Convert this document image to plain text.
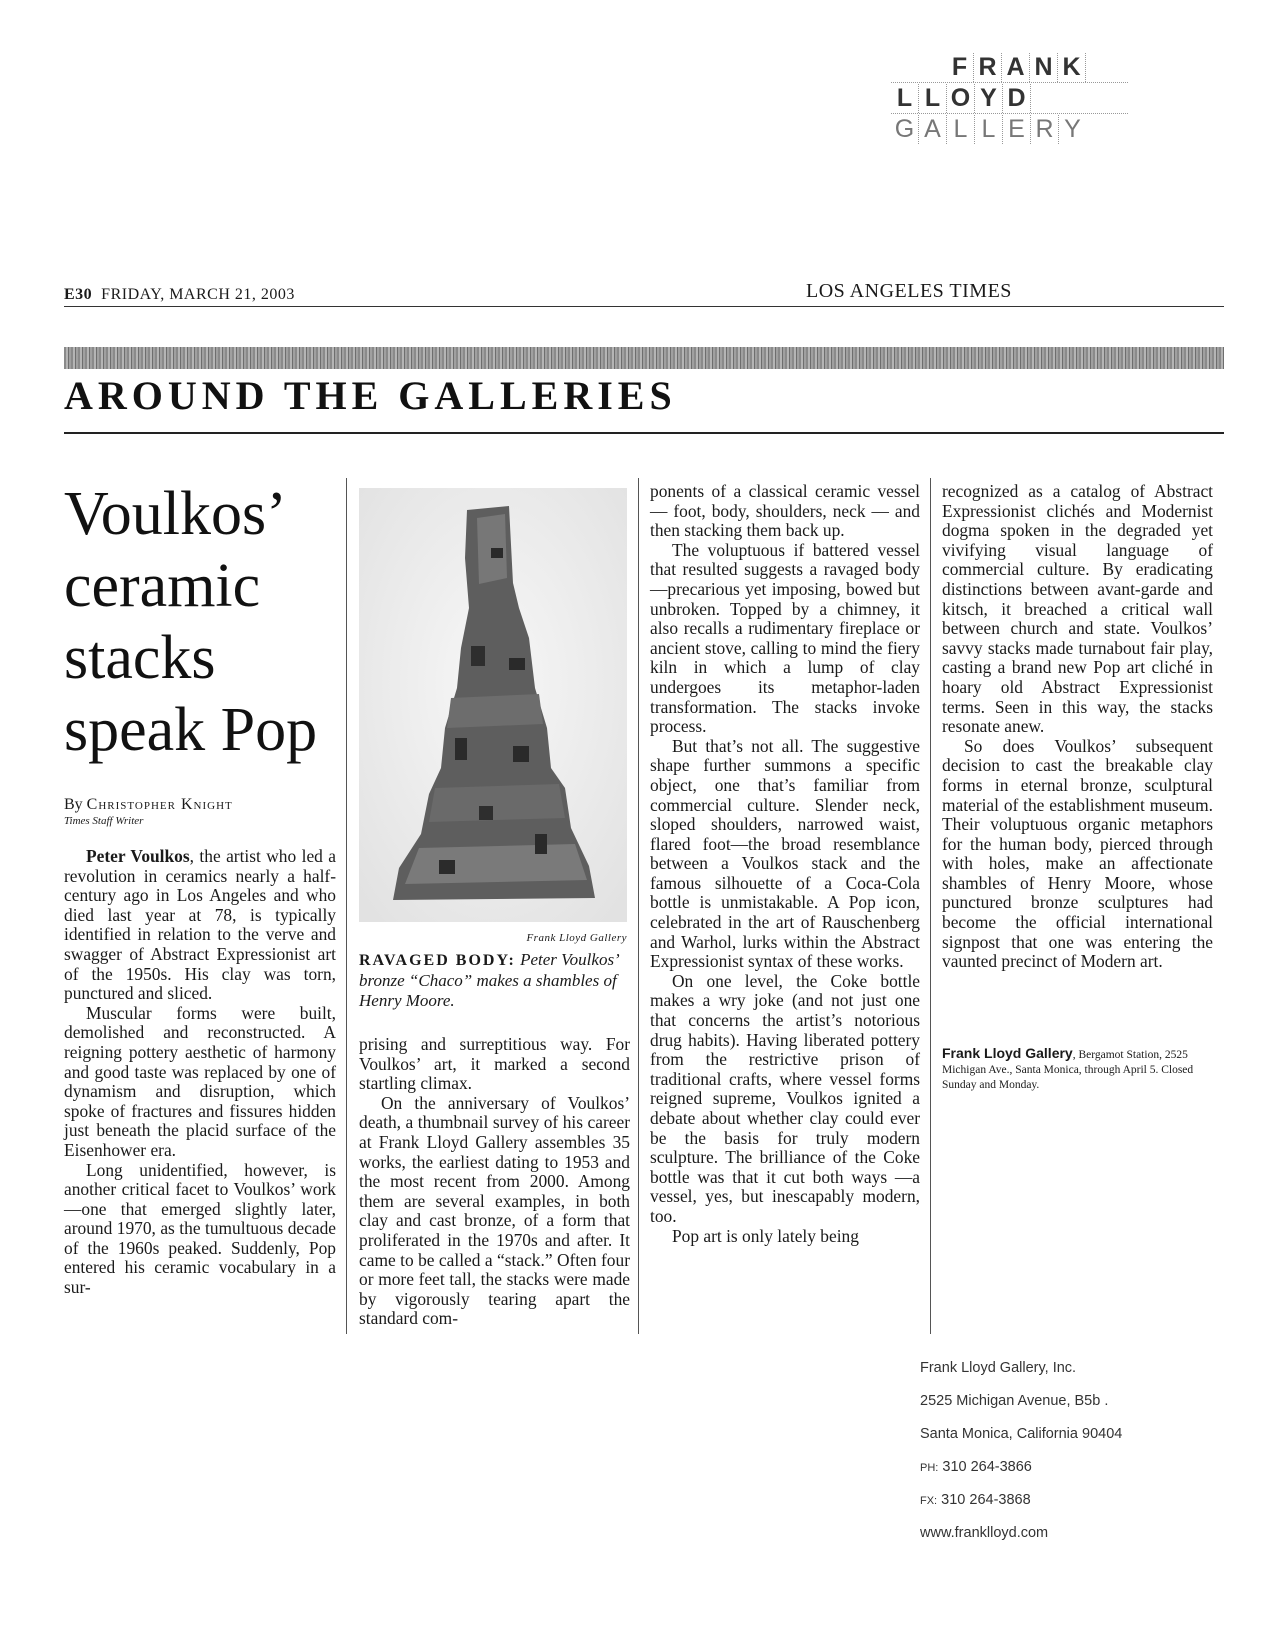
F R A N K
L L O Y D
G A L L E R Y
E30 FRIDAY, MARCH 21, 2003	LOS ANGELES TIMES
AROUND THE GALLERIES
Voulkos’ ceramic stacks speak Pop
By Christopher Knight
Times Staff Writer

Peter Voulkos, the artist who led a revolution in ceramics nearly a half-century ago in Los Angeles and who died last year at 78, is typically identified in relation to the verve and swagger of Abstract Expressionist art of the 1950s. His clay was torn, punctured and sliced.

Muscular forms were built, demolished and reconstructed. A reigning pottery aesthetic of harmony and good taste was replaced by one of dynamism and disruption, which spoke of fractures and fissures hidden just beneath the placid surface of the Eisenhower era.

Long unidentified, however, is another critical facet to Voulkos’ work—one that emerged slightly later, around 1970, as the tumultuous decade of the 1960s peaked. Suddenly, Pop entered his ceramic vocabulary in a sur-

Frank Lloyd Gallery
RAVAGED BODY: Peter Voulkos’ bronze “Chaco” makes a shambles of Henry Moore.

prising and surreptitious way. For Voulkos’ art, it marked a second startling climax.

On the anniversary of Voulkos’ death, a thumbnail survey of his career at Frank Lloyd Gallery assembles 35 works, the earliest dating to 1953 and the most recent from 2000. Among them are several examples, in both clay and cast bronze, of a form that proliferated in the 1970s and after. It came to be called a “stack.” Often four or more feet tall, the stacks were made by vigorously tearing apart the standard com-

ponents of a classical ceramic vessel — foot, body, shoulders, neck — and then stacking them back up.

The voluptuous if battered vessel that resulted suggests a ravaged body—precarious yet imposing, bowed but unbroken. Topped by a chimney, it also recalls a rudimentary fireplace or ancient stove, calling to mind the fiery kiln in which a lump of clay undergoes its metaphor-laden transformation. The stacks invoke process.

But that’s not all. The suggestive shape further summons a specific object, one that’s familiar from commercial culture. Slender neck, sloped shoulders, narrowed waist, flared foot—the broad resemblance between a Voulkos stack and the famous silhouette of a Coca-Cola bottle is unmistakable. A Pop icon, celebrated in the art of Rauschenberg and Warhol, lurks within the Abstract Expressionist syntax of these works.

On one level, the Coke bottle makes a wry joke (and not just one that concerns the artist’s notorious drug habits). Having liberated pottery from the restrictive prison of traditional crafts, where vessel forms reigned supreme, Voulkos ignited a debate about whether clay could ever be the basis for truly modern sculpture. The brilliance of the Coke bottle was that it cut both ways —a vessel, yes, but inescapably modern, too.

Pop art is only lately being

recognized as a catalog of Abstract Expressionist clichés and Modernist dogma spoken in the degraded yet vivifying visual language of commercial culture. By eradicating distinctions between avant-garde and kitsch, it breached a critical wall between church and state. Voulkos’ savvy stacks made turnabout fair play, casting a brand new Pop art cliché in hoary old Abstract Expressionist terms. Seen in this way, the stacks resonate anew.

So does Voulkos’ subsequent decision to cast the breakable clay forms in eternal bronze, sculptural material of the establishment museum. Their voluptuous organic metaphors for the human body, pierced through with holes, make an affectionate shambles of Henry Moore, whose punctured bronze sculptures had become the official international signpost that one was entering the vaunted precinct of Modern art.

Frank Lloyd Gallery, Bergamot Station, 2525 Michigan Ave., Santa Monica, through April 5. Closed Sunday and Monday.
Frank Lloyd Gallery, Inc.
2525 Michigan Avenue, B5b .
Santa Monica, California 90404
PH: 310 264-3866
FX: 310 264-3868
www.franklloyd.com
